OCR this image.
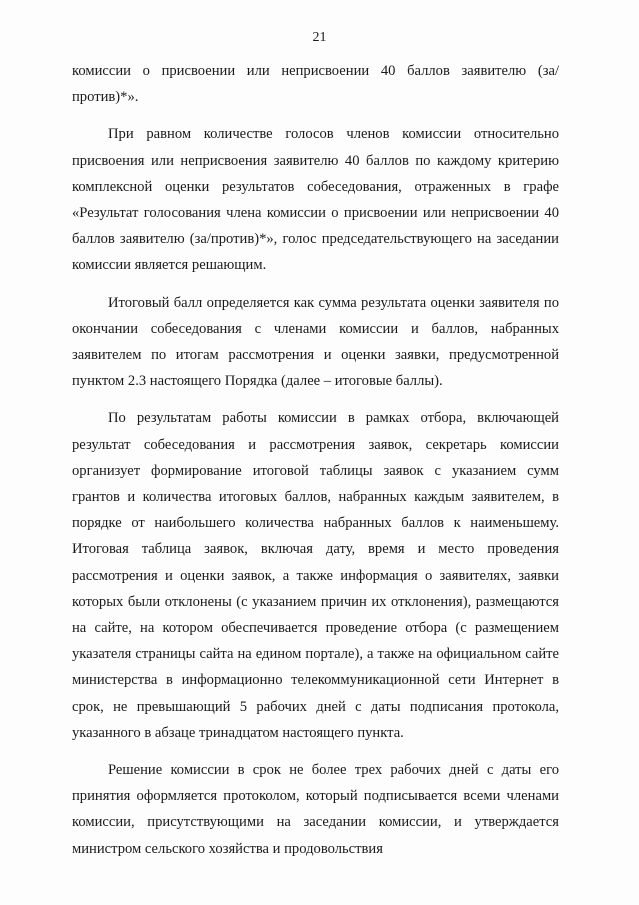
21

комиссии о присвоении или неприсвоении 40 баллов заявителю (за/против)*».

При равном количестве голосов членов комиссии относительно присвоения или неприсвоения заявителю 40 баллов по каждому критерию комплексной оценки результатов собеседования, отраженных в графе «Результат голосования члена комиссии о присвоении или неприсвоении 40 баллов заявителю (за/против)*», голос председательствующего на заседании комиссии является решающим.

Итоговый балл определяется как сумма результата оценки заявителя по окончании собеседования с членами комиссии и баллов, набранных заявителем по итогам рассмотрения и оценки заявки, предусмотренной пунктом 2.3 настоящего Порядка (далее – итоговые баллы).

По результатам работы комиссии в рамках отбора, включающей результат собеседования и рассмотрения заявок, секретарь комиссии организует формирование итоговой таблицы заявок с указанием сумм грантов и количества итоговых баллов, набранных каждым заявителем, в порядке от наибольшего количества набранных баллов к наименьшему. Итоговая таблица заявок, включая дату, время и место проведения рассмотрения и оценки заявок, а также информация о заявителях, заявки которых были отклонены (с указанием причин их отклонения), размещаются на сайте, на котором обеспечивается проведение отбора (с размещением указателя страницы сайта на едином портале), а также на официальном сайте министерства в информационно телекоммуникационной сети Интернет в срок, не превышающий 5 рабочих дней с даты подписания протокола, указанного в абзаце тринадцатом настоящего пункта.

Решение комиссии в срок не более трех рабочих дней с даты его принятия оформляется протоколом, который подписывается всеми членами комиссии, присутствующими на заседании комиссии, и утверждается министром сельского хозяйства и продовольствия
